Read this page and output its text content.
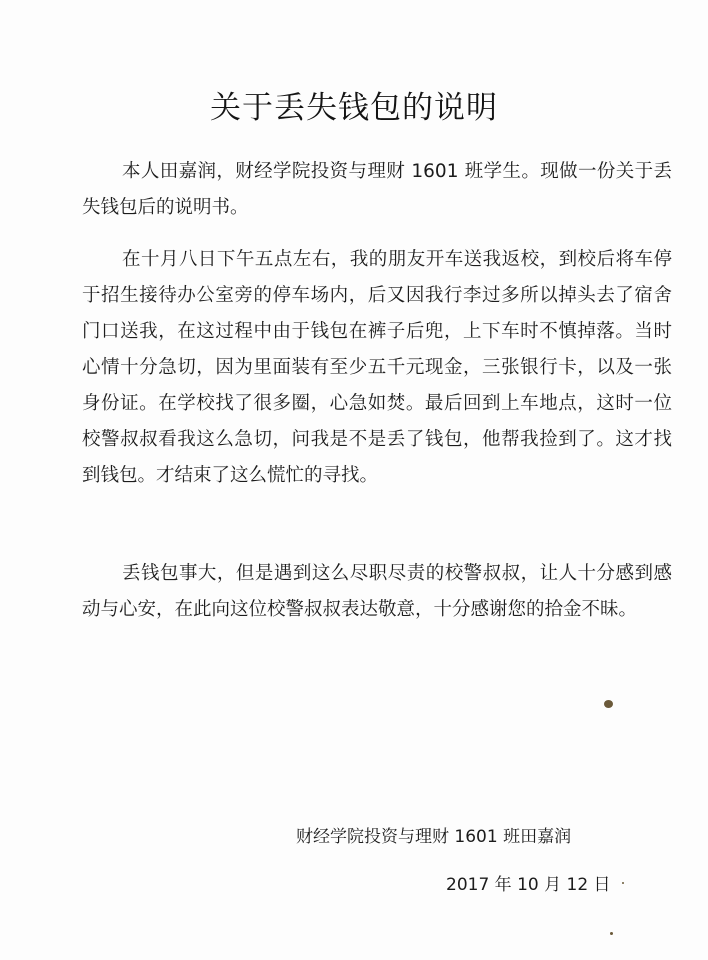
关于丢失钱包的说明

本人田嘉润，财经学院投资与理财 1601 班学生。现做一份关于丢失钱包后的说明书。

在十月八日下午五点左右，我的朋友开车送我返校，到校后将车停于招生接待办公室旁的停车场内，后又因我行李过多所以掉头去了宿舍门口送我，在这过程中由于钱包在裤子后兜，上下车时不慎掉落。当时心情十分急切，因为里面装有至少五千元现金，三张银行卡，以及一张身份证。在学校找了很多圈，心急如焚。最后回到上车地点，这时一位校警叔叔看我这么急切，问我是不是丢了钱包，他帮我捡到了。这才找到钱包。才结束了这么慌忙的寻找。

丢钱包事大，但是遇到这么尽职尽责的校警叔叔，让人十分感到感动与心安，在此向这位校警叔叔表达敬意，十分感谢您的拾金不昧。

财经学院投资与理财 1601 班田嘉润
2017 年 10 月 12 日
